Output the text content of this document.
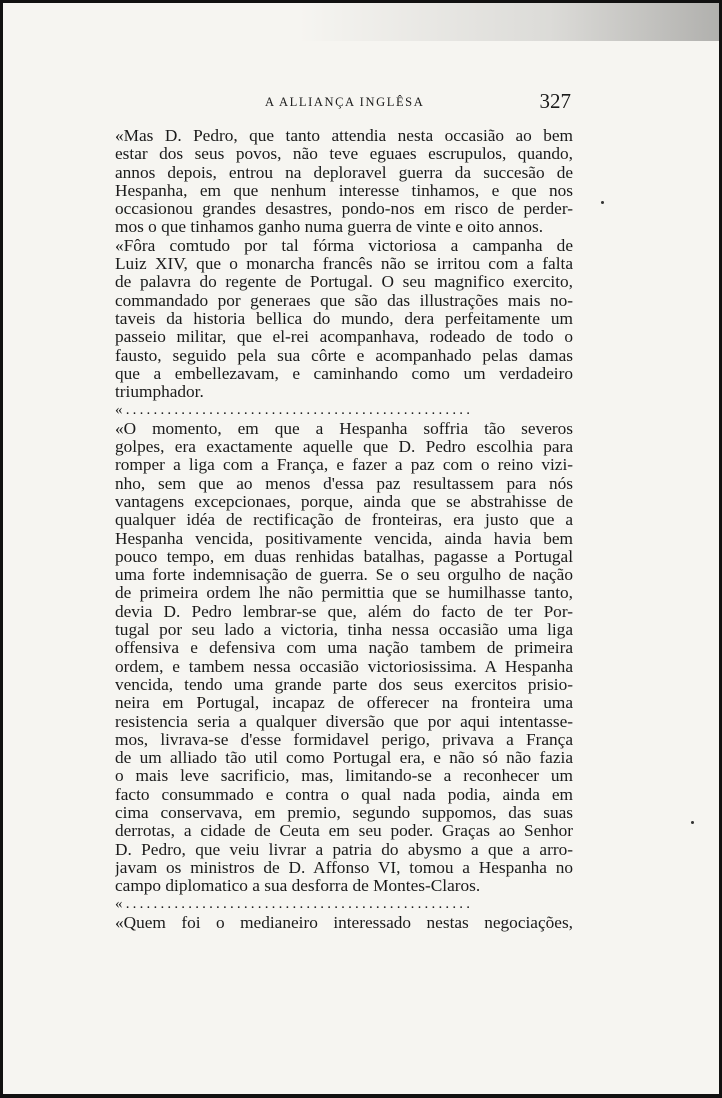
A ALLIANÇA INGLÊSA	327
«Mas D. Pedro, que tanto attendia nesta occasião ao bem
estar dos seus povos, não teve eguaes escrupulos, quando,
annos depois, entrou na deploravel guerra da succesão de
Hespanha, em que nenhum interesse tinhamos, e que nos
occasionou grandes desastres, pondo-nos em risco de perder-
mos o que tinhamos ganho numa guerra de vinte e oito annos.
«Fôra comtudo por tal fórma victoriosa a campanha de
Luiz XIV, que o monarcha francês não se irritou com a falta
de palavra do regente de Portugal. O seu magnifico exercito,
commandado por generaes que são das illustrações mais no-
taveis da historia bellica do mundo, dera perfeitamente um
passeio militar, que el-rei acompanhava, rodeado de todo o
fausto, seguido pela sua côrte e acompanhado pelas damas
que a embellezavam, e caminhando como um verdadeiro
triumphador.
«..................................................
«O momento, em que a Hespanha soffria tão severos
golpes, era exactamente aquelle que D. Pedro escolhia para
romper a liga com a França, e fazer a paz com o reino vizi-
nho, sem que ao menos d'essa paz resultassem para nós
vantagens excepcionaes, porque, ainda que se abstrahisse de
qualquer idéa de rectificação de fronteiras, era justo que a
Hespanha vencida, positivamente vencida, ainda havia bem
pouco tempo, em duas renhidas batalhas, pagasse a Portugal
uma forte indemnisação de guerra. Se o seu orgulho de nação
de primeira ordem lhe não permittia que se humilhasse tanto,
devia D. Pedro lembrar-se que, além do facto de ter Por-
tugal por seu lado a victoria, tinha nessa occasião uma liga
offensiva e defensiva com uma nação tambem de primeira
ordem, e tambem nessa occasião victoriosissima. A Hespanha
vencida, tendo uma grande parte dos seus exercitos prisio-
neira em Portugal, incapaz de offerecer na fronteira uma
resistencia seria a qualquer diversão que por aqui intentasse-
mos, livrava-se d'esse formidavel perigo, privava a França
de um alliado tão util como Portugal era, e não só não fazia
o mais leve sacrificio, mas, limitando-se a reconhecer um
facto consummado e contra o qual nada podia, ainda em
cima conservava, em premio, segundo suppomos, das suas
derrotas, a cidade de Ceuta em seu poder. Graças ao Senhor
D. Pedro, que veiu livrar a patria do abysmo a que a arro-
javam os ministros de D. Affonso VI, tomou a Hespanha no
campo diplomatico a sua desforra de Montes-Claros.
«..................................................
«Quem foi o medianeiro interessado nestas negociações,
